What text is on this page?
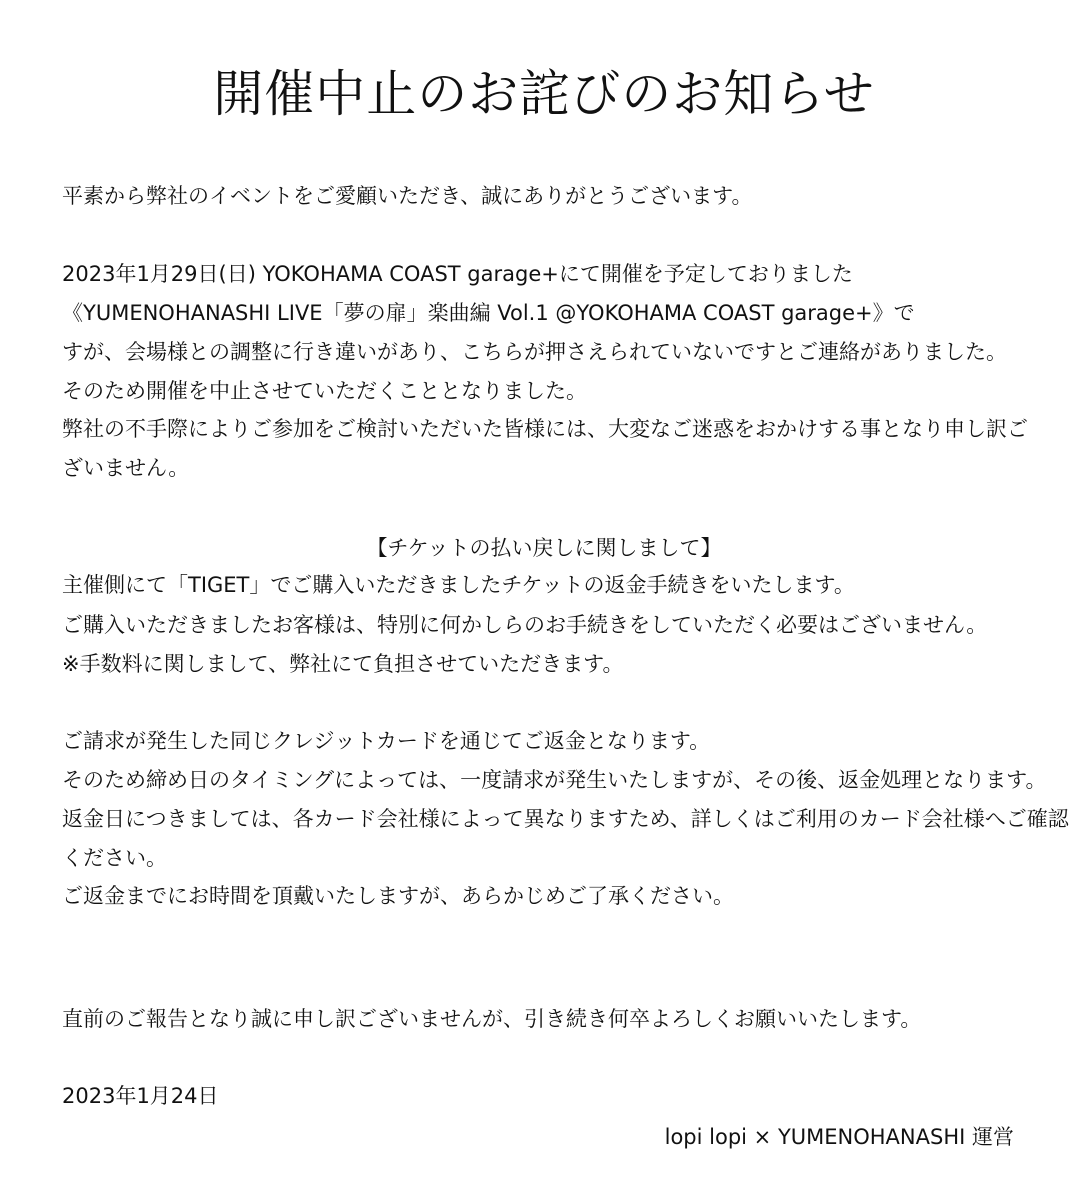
開催中止のお詫びのお知らせ

平素から弊社のイベントをご愛顧いただき、誠にありがとうございます。

2023年1月29日(日) YOKOHAMA COAST garage+にて開催を予定しておりました

《YUMENOHANASHI LIVE「夢の扉」楽曲編 Vol.1 @YOKOHAMA COAST garage+》で

すが、会場様との調整に行き違いがあり、こちらが押さえられていないですとご連絡がありました。

そのため開催を中止させていただくこととなりました。

弊社の不手際によりご参加をご検討いただいた皆様には、大変なご迷惑をおかけする事となり申し訳ご

ざいません。

【チケットの払い戻しに関しまして】

主催側にて「TIGET」でご購入いただきましたチケットの返金手続きをいたします。

ご購入いただきましたお客様は、特別に何かしらのお手続きをしていただく必要はございません。

※手数料に関しまして、弊社にて負担させていただきます。

ご請求が発生した同じクレジットカードを通じてご返金となります。

そのため締め日のタイミングによっては、一度請求が発生いたしますが、その後、返金処理となります。

返金日につきましては、各カード会社様によって異なりますため、詳しくはご利用のカード会社様へご確認

ください。

ご返金までにお時間を頂戴いたしますが、あらかじめご了承ください。

直前のご報告となり誠に申し訳ございませんが、引き続き何卒よろしくお願いいたします。

2023年1月24日

lopi lopi × YUMENOHANASHI 運営
